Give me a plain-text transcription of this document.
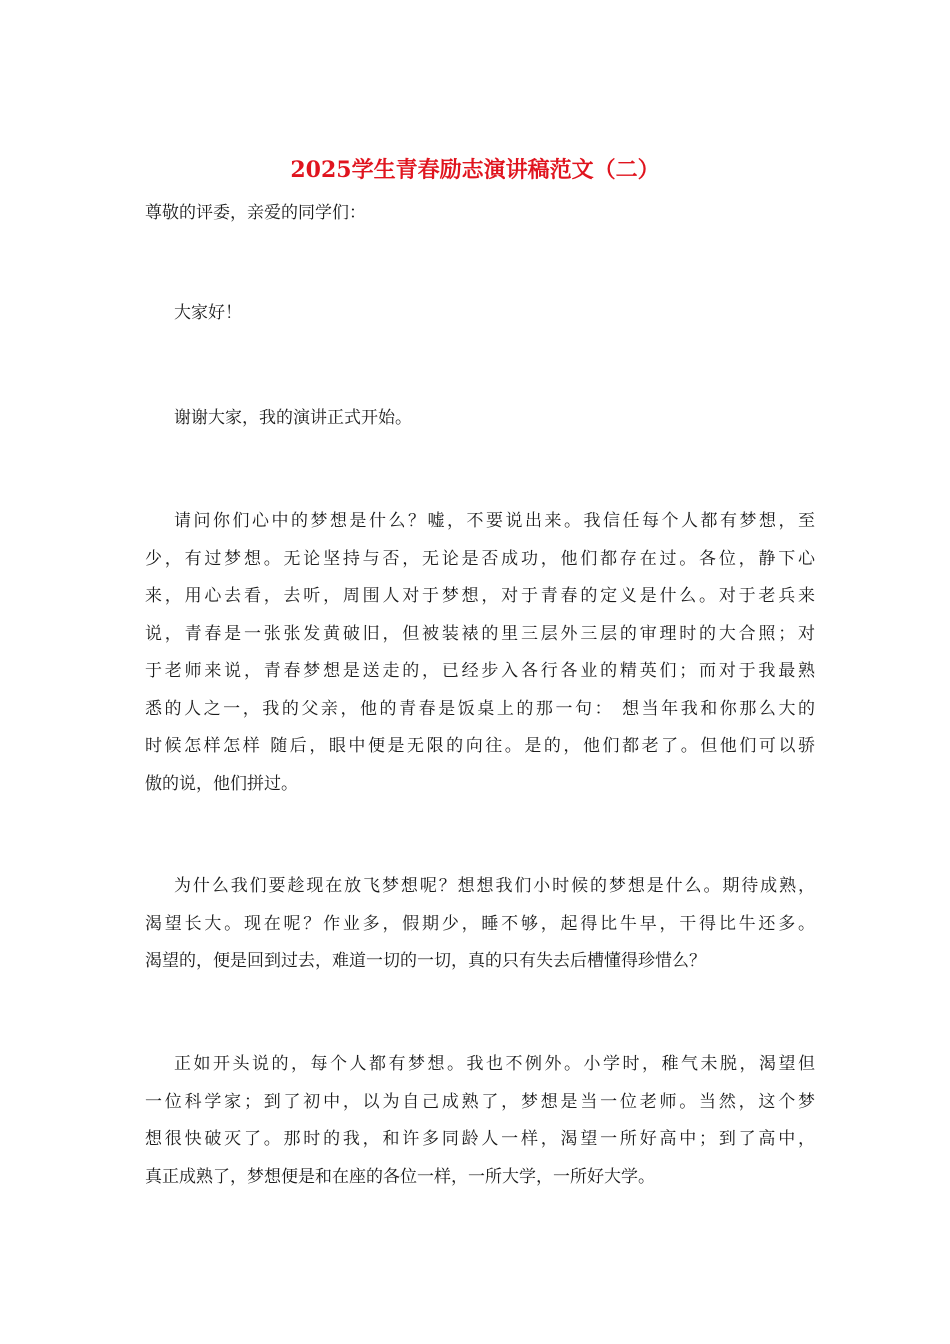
2025学生青春励志演讲稿范文（二）

尊敬的评委，亲爱的同学们：

大家好！

谢谢大家，我的演讲正式开始。

请问你们心中的梦想是什么？嘘，不要说出来。我信任每个人都有梦想，至
少，有过梦想。无论坚持与否，无论是否成功，他们都存在过。各位，静下心
来，用心去看，去听，周围人对于梦想，对于青春的定义是什么。对于老兵来
说，青春是一张张发黄破旧，但被装裱的里三层外三层的审理时的大合照；对
于老师来说，青春梦想是送走的，已经步入各行各业的精英们；而对于我最熟
悉的人之一，我的父亲，他的青春是饭桌上的那一句： 想当年我和你那么大的
时候怎样怎样 随后，眼中便是无限的向往。是的，他们都老了。但他们可以骄
傲的说，他们拼过。

为什么我们要趁现在放飞梦想呢？想想我们小时候的梦想是什么。期待成熟，
渴望长大。现在呢？作业多，假期少，睡不够，起得比牛早，干得比牛还多。
渴望的，便是回到过去，难道一切的一切，真的只有失去后槽懂得珍惜么？

正如开头说的，每个人都有梦想。我也不例外。小学时，稚气未脱，渴望但
一位科学家；到了初中，以为自己成熟了，梦想是当一位老师。当然，这个梦
想很快破灭了。那时的我，和许多同龄人一样，渴望一所好高中；到了高中，
真正成熟了，梦想便是和在座的各位一样，一所大学，一所好大学。
